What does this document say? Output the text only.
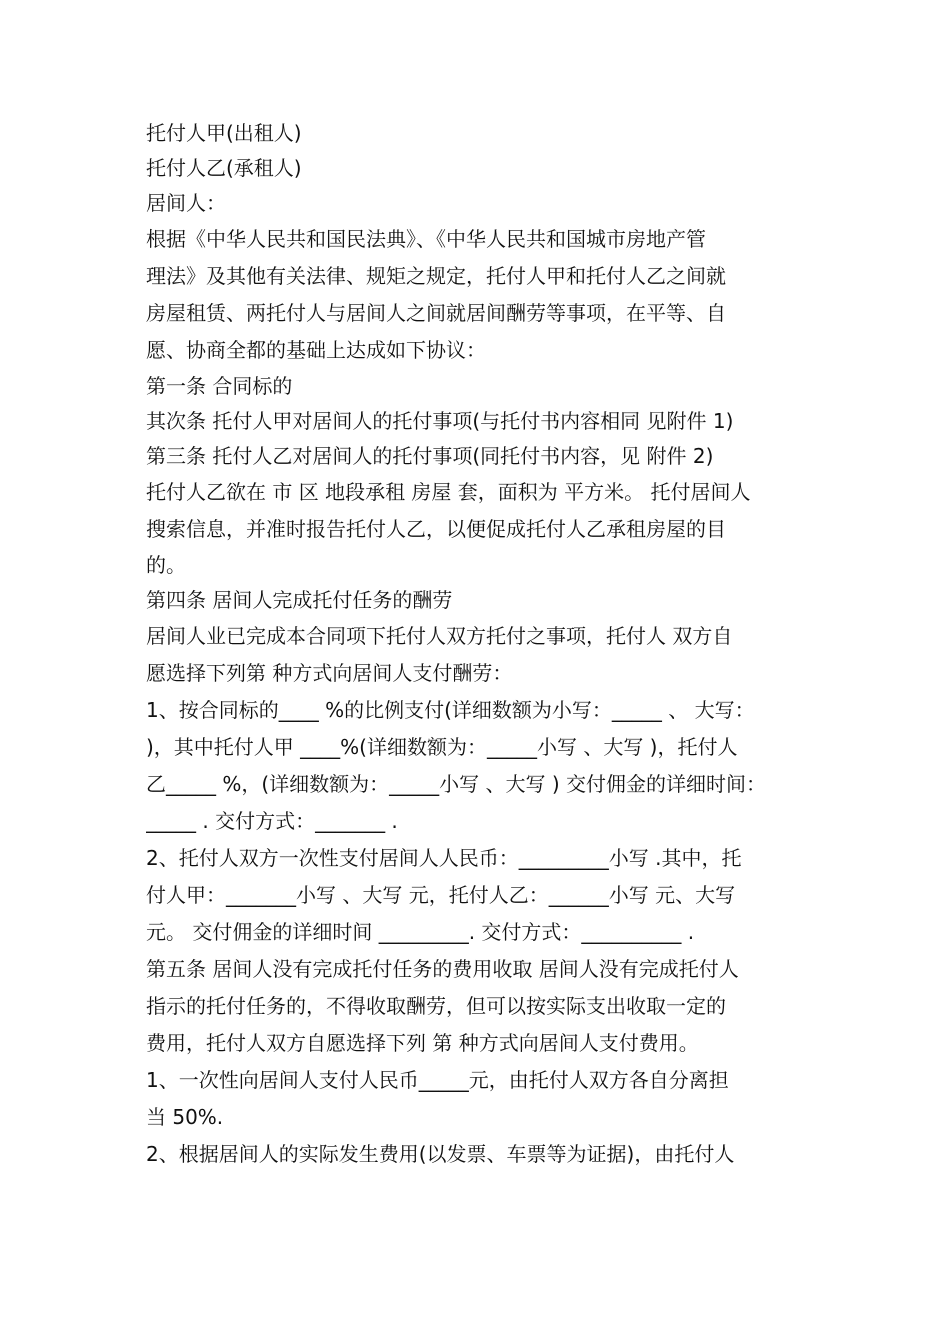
托付人甲(出租人)
托付人乙(承租人)
居间人：
根据《中华人民共和国民法典》、《中华人民共和国城市房地产管
理法》及其他有关法律、规矩之规定，托付人甲和托付人乙之间就
房屋租赁、两托付人与居间人之间就居间酬劳等事项，在平等、自
愿、协商全都的基础上达成如下协议：
第一条 合同标的
其次条 托付人甲对居间人的托付事项(与托付书内容相同 见附件 1)
第三条 托付人乙对居间人的托付事项(同托付书内容，见 附件 2)
托付人乙欲在 市 区 地段承租 房屋 套，面积为 平方米。 托付居间人
搜索信息，并准时报告托付人乙，以便促成托付人乙承租房屋的目
的。
第四条 居间人完成托付任务的酬劳
居间人业已完成本合同项下托付人双方托付之事项，托付人 双方自
愿选择下列第 种方式向居间人支付酬劳：
1、按合同标的____ %的比例支付(详细数额为小写：_____ 、 大写：
)，其中托付人甲 ____%(详细数额为：_____小写 、大写 )，托付人
乙_____ %，(详细数额为：_____小写 、大写 ) 交付佣金的详细时间：
_____ . 交付方式：_______ .
2、托付人双方一次性支付居间人人民币：_________小写 .其中，托
付人甲：_______小写 、大写 元，托付人乙：______小写 元、大写
元。 交付佣金的详细时间 _________. 交付方式：__________ .
第五条 居间人没有完成托付任务的费用收取 居间人没有完成托付人
指示的托付任务的，不得收取酬劳，但可以按实际支出收取一定的
费用，托付人双方自愿选择下列 第 种方式向居间人支付费用。
1、一次性向居间人支付人民币_____元，由托付人双方各自分离担
当 50%.
2、根据居间人的实际发生费用(以发票、车票等为证据)，由托付人
